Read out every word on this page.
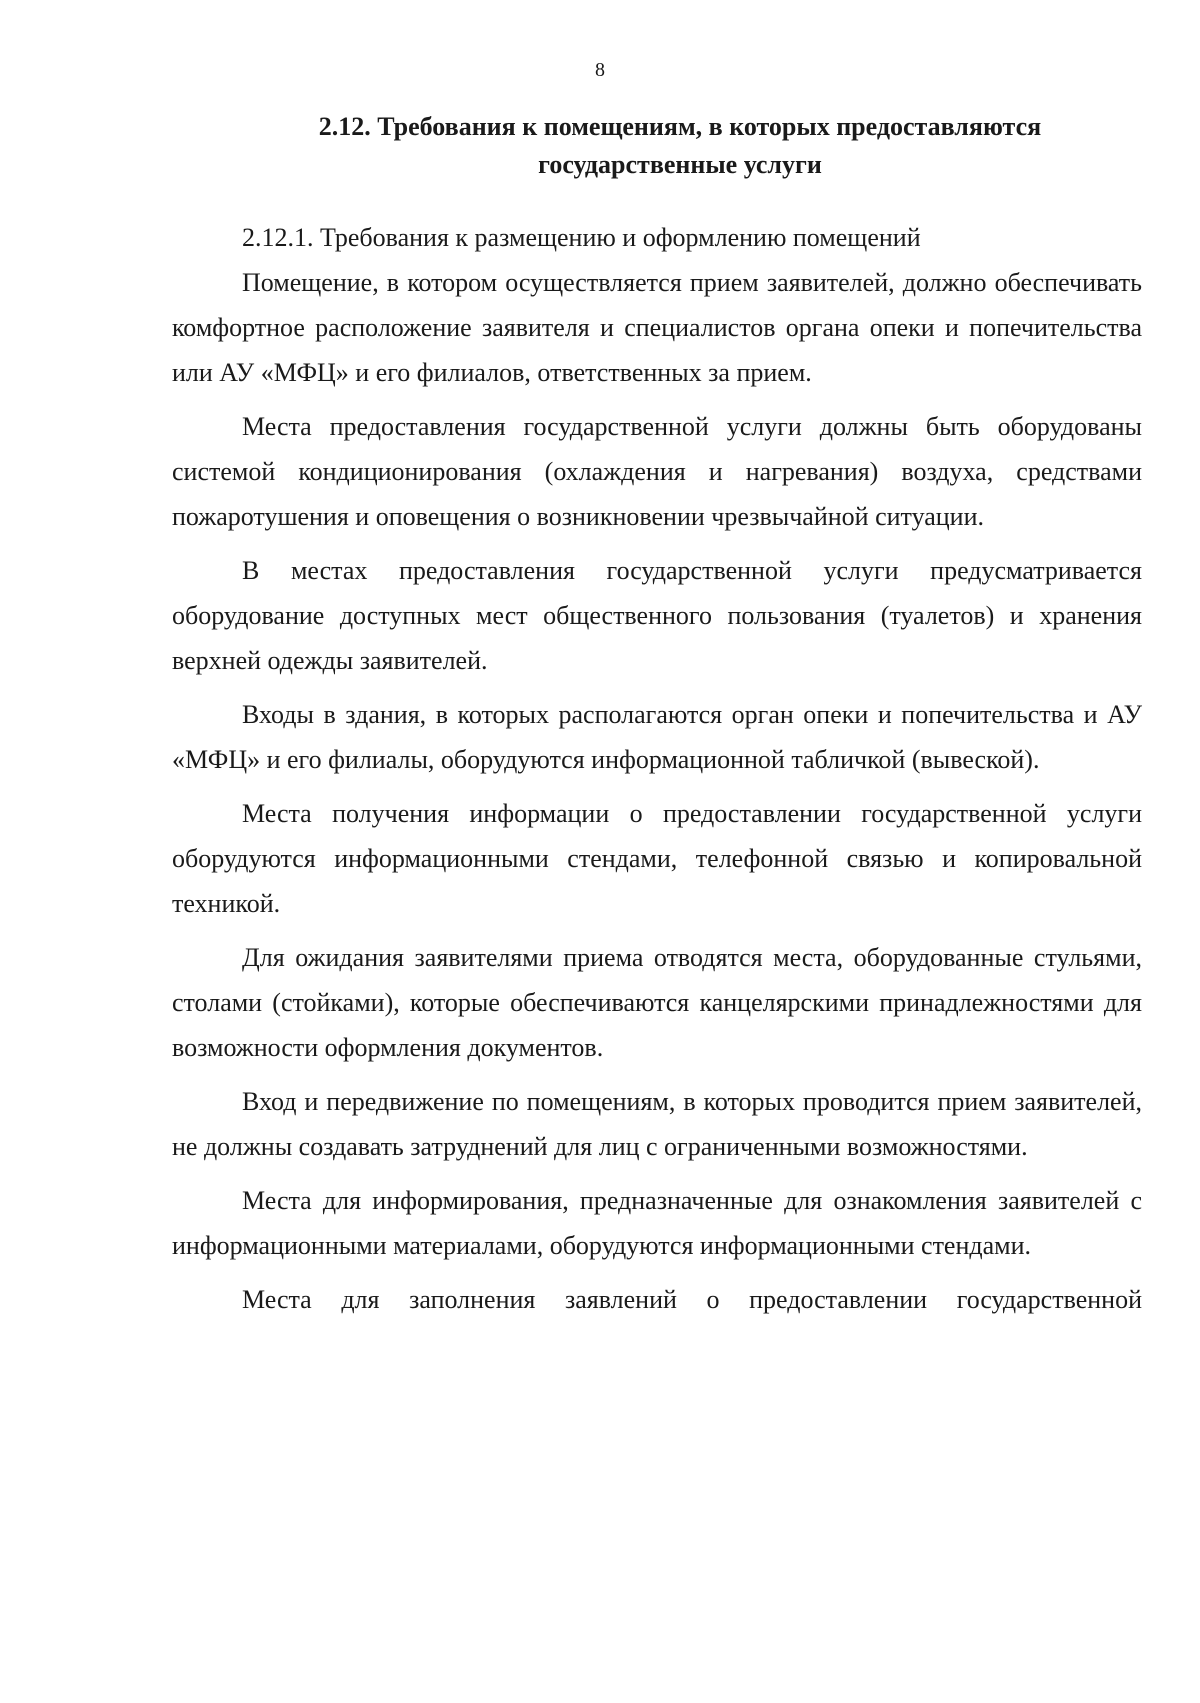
8
2.12. Требования к помещениям, в которых предоставляются государственные услуги

2.12.1. Требования к размещению и оформлению помещений

Помещение, в котором осуществляется прием заявителей, должно обеспечивать комфортное расположение заявителя и специалистов органа опеки и попечительства или АУ «МФЦ» и его филиалов, ответственных за прием.

Места предоставления государственной услуги должны быть оборудованы системой кондиционирования (охлаждения и нагревания) воздуха, средствами пожаротушения и оповещения о возникновении чрезвычайной ситуации.

В местах предоставления государственной услуги предусматривается оборудование доступных мест общественного пользования (туалетов) и хранения верхней одежды заявителей.

Входы в здания, в которых располагаются орган опеки и попечительства и АУ «МФЦ» и его филиалы, оборудуются информационной табличкой (вывеской).

Места получения информации о предоставлении государственной услуги оборудуются информационными стендами, телефонной связью и копировальной техникой.

Для ожидания заявителями приема отводятся места, оборудованные стульями, столами (стойками), которые обеспечиваются канцелярскими принадлежностями для возможности оформления документов.

Вход и передвижение по помещениям, в которых проводится прием заявителей, не должны создавать затруднений для лиц с ограниченными возможностями.

Места для информирования, предназначенные для ознакомления заявителей с информационными материалами, оборудуются информационными стендами.

Места для заполнения заявлений о предоставлении государственной
